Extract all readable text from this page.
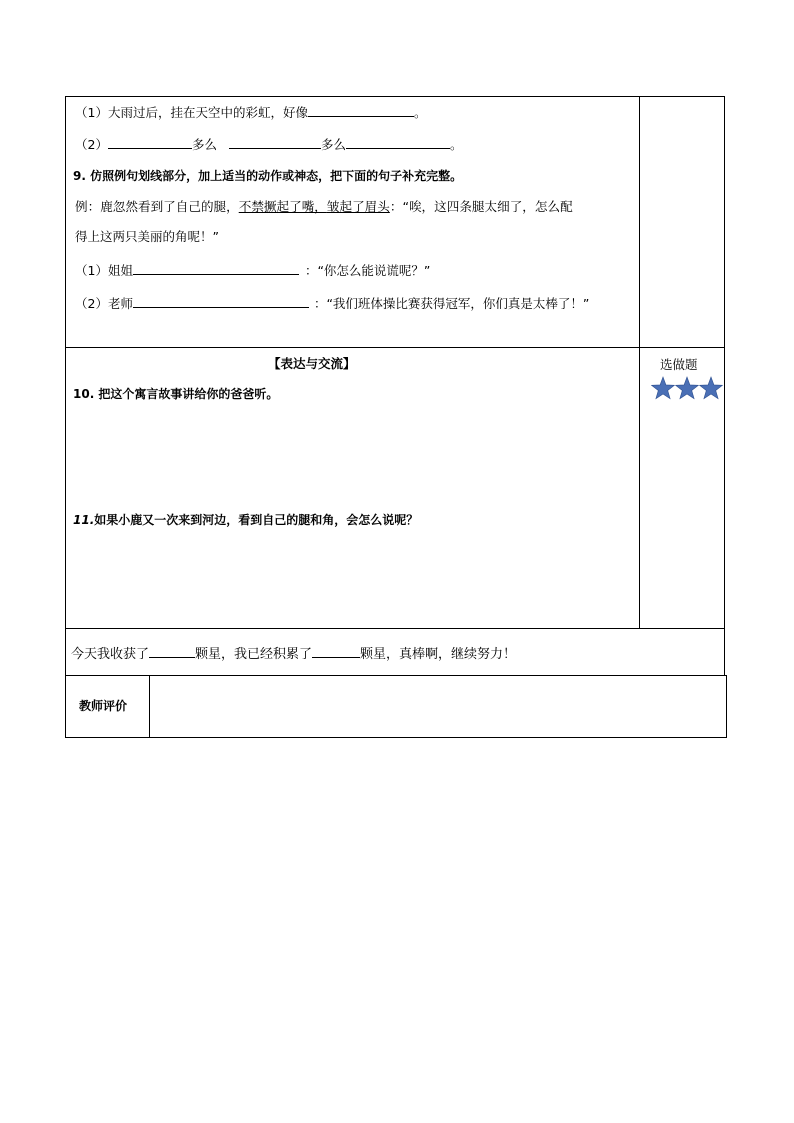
（1）大雨过后，挂在天空中的彩虹，好像	。
（2）	多么	多么	。
9. 仿照例句划线部分，加上适当的动作或神态，把下面的句子补充完整。
例：鹿忽然看到了自己的腿，不禁撅起了嘴，皱起了眉头：“唉，这四条腿太细了，怎么配
得上这两只美丽的角呢！”
（1）姐姐	：“你怎么能说谎呢？”
（2）老师	：“我们班体操比赛获得冠军，你们真是太棒了！”
【表达与交流】	选做题
10. 把这个寓言故事讲给你的爸爸听。
11.如果小鹿又一次来到河边，看到自己的腿和角，会怎么说呢？
今天我收获了	颗星，我已经积累了	颗星，真棒啊，继续努力！
教师评价
